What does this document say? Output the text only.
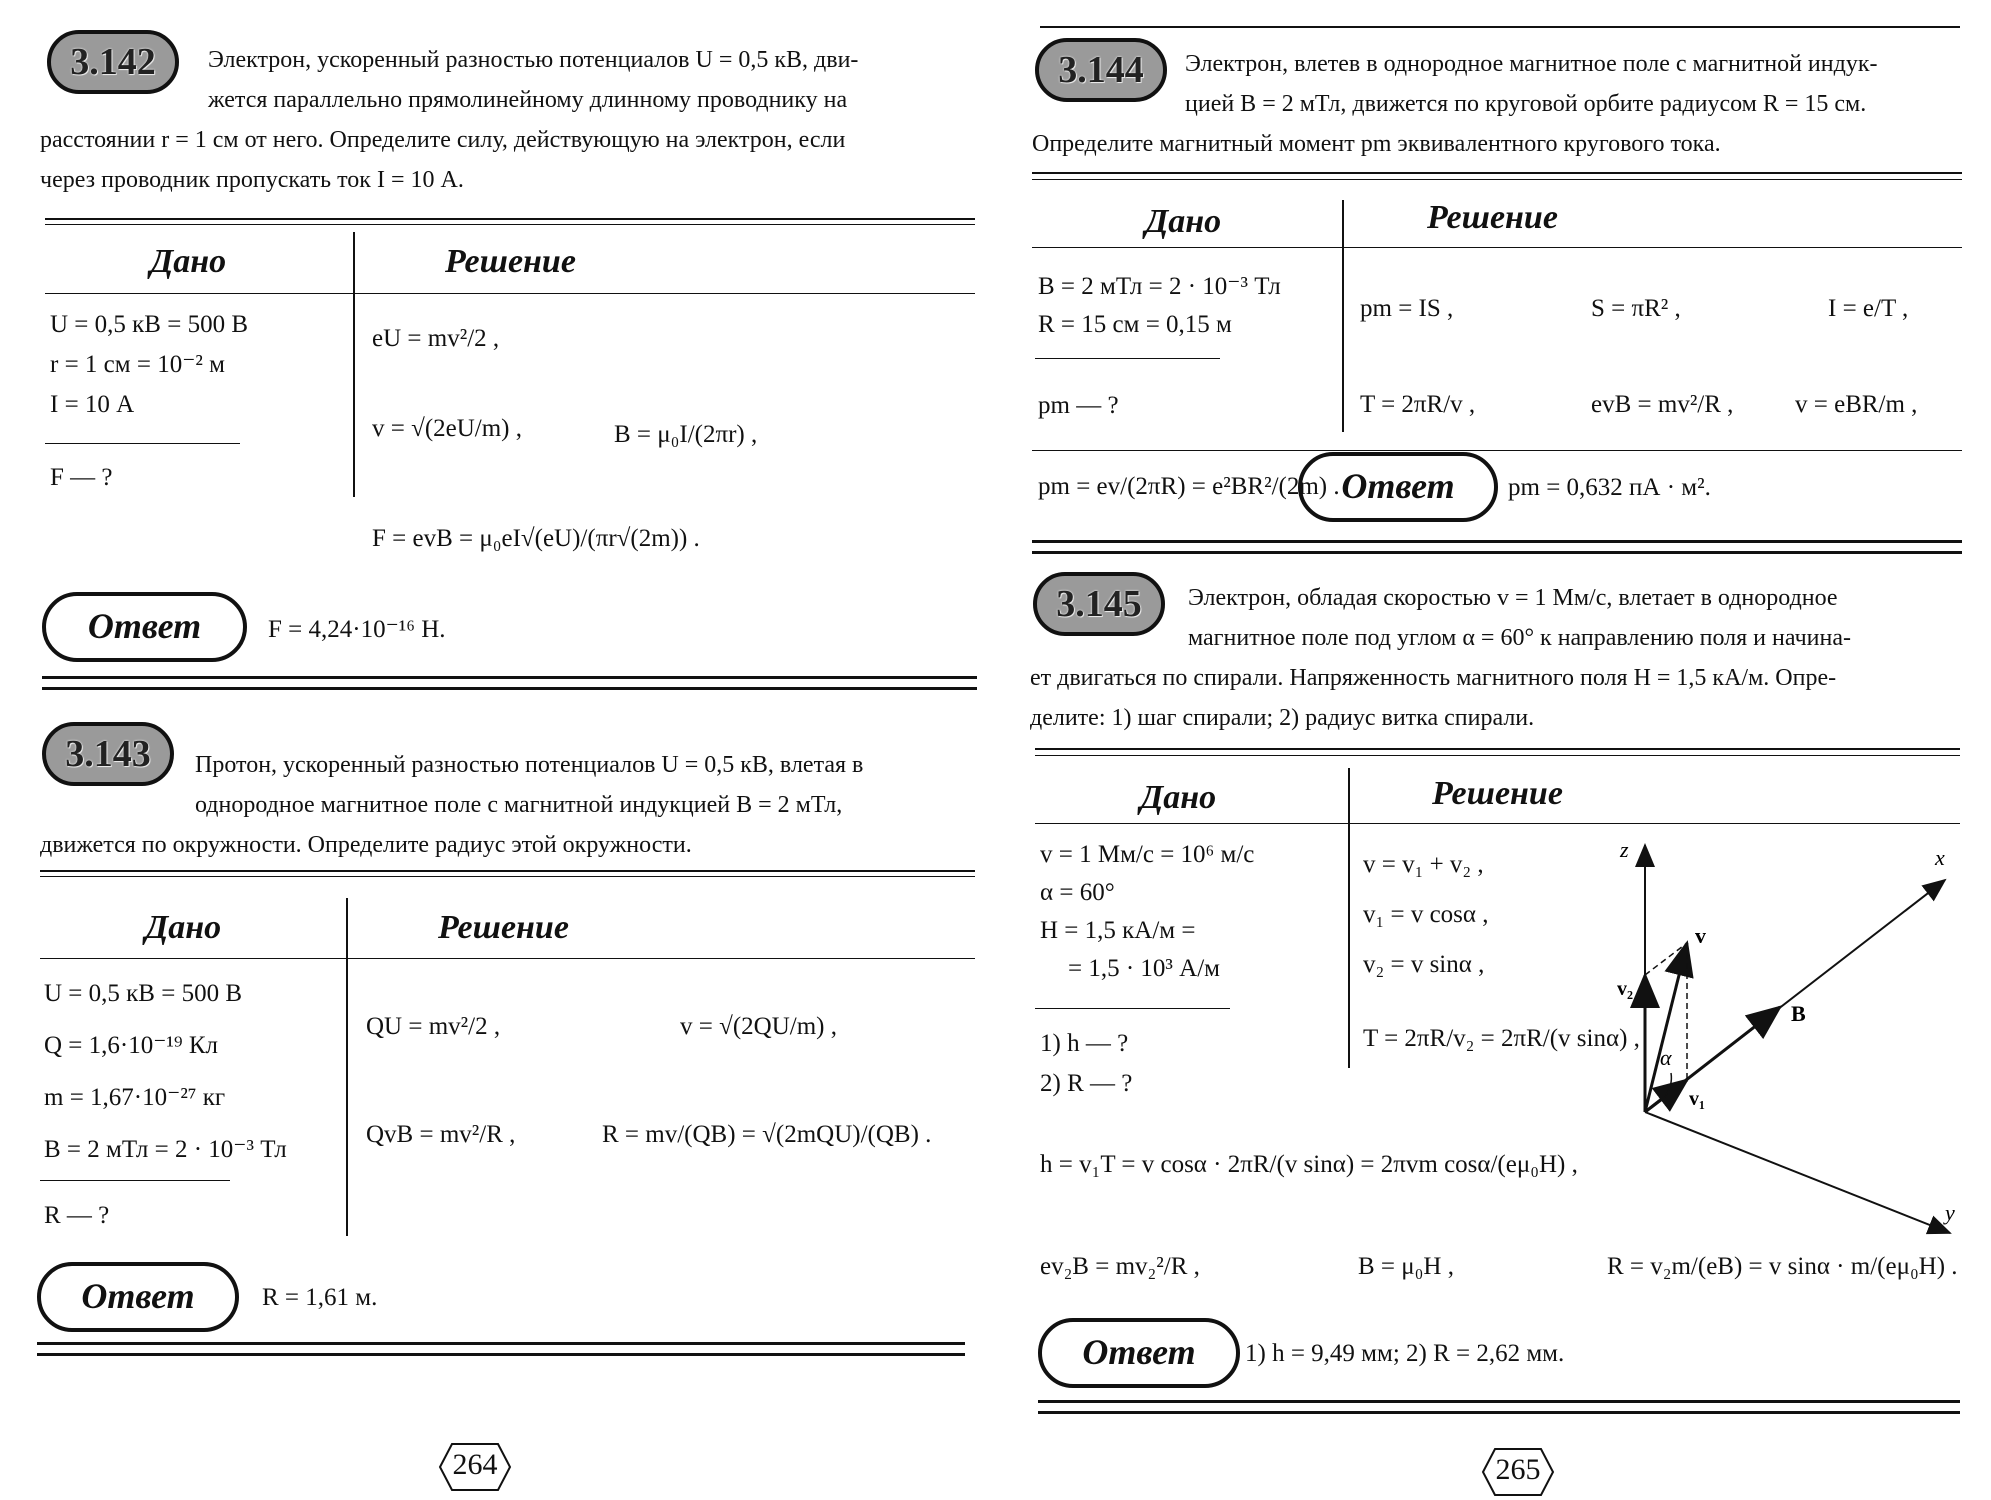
3.142	Электрон, ускоренный разностью потенциалов U = 0,5 кВ, дви-
жется параллельно прямолинейному длинному проводнику на
расстоянии r = 1 см от него. Определите силу, действующую на электрон, если
через проводник пропускать ток I = 10 А.
Дано	Решение
U = 0,5 кВ = 500 В
r = 1 см = 10⁻² м
I = 10 А
F — ?
eU = mv²/2 ,
v = √(2eU/m) ,	B = μ₀I/(2πr) ,
F = evB = μ₀eI√(eU)/(πr√(2m)) .
Ответ	F = 4,24·10⁻¹⁶ Н.
3.143	Протон, ускоренный разностью потенциалов U = 0,5 кВ, влетая в
однородное магнитное поле с магнитной индукцией B = 2 мТл,
движется по окружности. Определите радиус этой окружности.
Дано	Решение
U = 0,5 кВ = 500 В
Q = 1,6·10⁻¹⁹ Кл
m = 1,67·10⁻²⁷ кг
B = 2 мТл = 2 · 10⁻³ Тл
R — ?
QU = mv²/2 ,	v = √(2QU/m) ,
QvB = mv²/R ,	R = mv/(QB) = √(2mQU)/(QB) .
Ответ	R = 1,61 м.
264
3.144	Электрон, влетев в однородное магнитное поле с магнитной индук-
цией B = 2 мТл, движется по круговой орбите радиусом R = 15 см.
Определите магнитный момент pm эквивалентного кругового тока.
Дано	Решение
B = 2 мТл = 2 · 10⁻³ Тл
R = 15 см = 0,15 м
pm — ?
pm = IS ,	S = πR² ,	I = e/T ,
T = 2πR/v ,	evB = mv²/R , v = eBR/m ,
pm = ev/(2πR) = e²BR²/(2m) . Ответ	pm = 0,632 пА · м².
3.145	Электрон, обладая скоростью v = 1 Мм/с, влетает в однородное
магнитное поле под углом α = 60° к направлению поля и начина-
ет двигаться по спирали. Напряженность магнитного поля H = 1,5 кА/м. Опре-
делите: 1) шаг спирали; 2) радиус витка спирали.
Дано	Решение
v = 1 Мм/с = 10⁶ м/с
α = 60°
H = 1,5 кА/м =
= 1,5 · 10³ А/м
1) h — ?
2) R — ?
v = v₁ + v₂ ,
v₁ = v cosα ,
v₂ = v sinα ,
T = 2πR/v₂ = 2πR/(v sinα) ,
h = v₁T = v cosα · 2πR/(v sinα) = 2πvm cosα/(eμ₀H) ,
ev₂B = mv₂²/R ,	B = μ₀H ,	R = v₂m/(eB) = v sinα · m/(eμ₀H) .
z	x
y
v
B
v₂
v₁
α
Ответ	1) h = 9,49 мм; 2) R = 2,62 мм.
265
